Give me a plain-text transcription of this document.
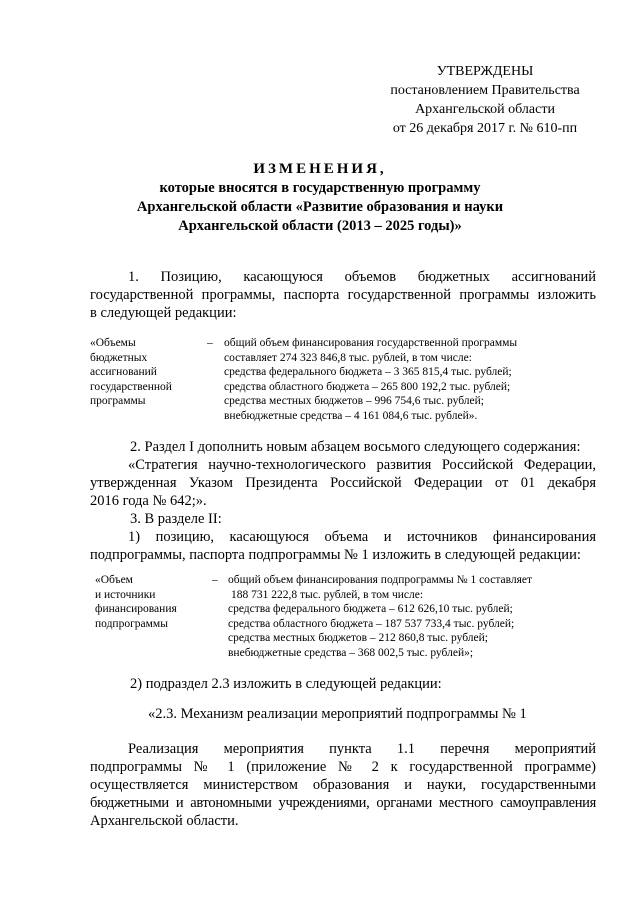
УТВЕРЖДЕНЫ
постановлением Правительства
Архангельской области
от 26 декабря 2017 г. № 610-пп
ИЗМЕНЕНИЯ,
которые вносятся в государственную программу
Архангельской области «Развитие образования и науки
Архангельской области (2013 – 2025 годы)»
1. Позицию, касающуюся объемов бюджетных ассигнований
государственной программы, паспорта государственной программы изложить
в следующей редакции:
«Объемы
бюджетных
ассигнований
государственной
программы
– общий объем финансирования государственной программы
составляет 274 323 846,8 тыс. рублей, в том числе:
средства федерального бюджета – 3 365 815,4 тыс. рублей;
средства областного бюджета – 265 800 192,2 тыс. рублей;
средства местных бюджетов – 996 754,6 тыс. рублей;
внебюджетные средства – 4 161 084,6 тыс. рублей».
2. Раздел I дополнить новым абзацем восьмого следующего содержания:
«Стратегия научно-технологического развития Российской Федерации,
утвержденная Указом Президента Российской Федерации от 01 декабря
2016 года № 642;».
3. В разделе II:
1) позицию, касающуюся объема и источников финансирования
подпрограммы, паспорта подпрограммы № 1 изложить в следующей редакции:
«Объем
и источники
финансирования
подпрограммы
– общий объем финансирования подпрограммы № 1 составляет
188 731 222,8 тыс. рублей, в том числе:
средства федерального бюджета – 612 626,10 тыс. рублей;
средства областного бюджета – 187 537 733,4 тыс. рублей;
средства местных бюджетов – 212 860,8 тыс. рублей;
внебюджетные средства – 368 002,5 тыс. рублей»;
2) подраздел 2.3 изложить в следующей редакции:
«2.3. Механизм реализации мероприятий подпрограммы № 1
Реализация мероприятия пункта 1.1 перечня мероприятий
подпрограммы № 1 (приложение № 2 к государственной программе)
осуществляется министерством образования и науки, государственными
бюджетными и автономными учреждениями, органами местного самоуправления
Архангельской области.
